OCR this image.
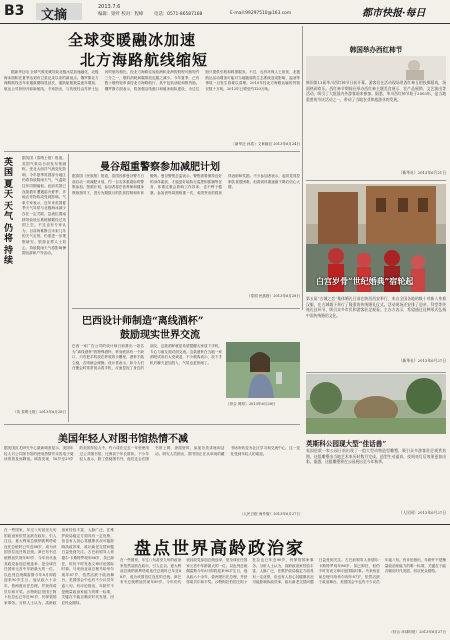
B3 文摘
2013.7.6
编辑：梁叶 校对：程峰 电话：0571-86587168	E-mail:99297510@163.com	都市快报·每日
全球变暖融冰加速
北方海路航线缩短
据新华社电 全球气候变暖导致北极冰层加速融化，北极海冰面积在夏季达到有卫星记录以来的最低点。俄罗斯北方海路航线近年来通航期明显延长，通航船舶数量逐年增加，航运公司纷纷开辟新航线。专家指出，与传统经由苏伊士运河的航线相比，经北方海路往返欧洲和亚洲的航程可缩短约三分之一，燃料消耗和碳排放也随之减少。今年夏季，已有数十艘货轮申请经北方海路航行，其中包括油轮和散货船。俄罗斯方面表示，将加强沿线港口和破冰船队建设，为过往船只提供引航和救援服务。不过，也有环保人士担忧，北极航运活动增加可能对当地脆弱的生态系统造成影响，溢油等事故一旦发生将难以清理。2010年经北方海路运输的货物仅数十万吨，2012年已增至约120万吨。
（新华社 孙浩）文章摘自 2013年6月24日
韩国举办西红柿节
韩国第11届华川西红柿节日前开幕。游客们在活动现场用西红柿互相投掷嬉戏，场面热闹欢乐。西红柿节期间还举办西红柿主题美食展示、农产品展销、文艺演出等活动，吸引了大批国内外游客前来参加。据悉，华川西红柿节始于2003年，是当地重要的节庆活动之一，带动了当地农业和旅游业的发展。
（新华社）2013年6月21日
英国
夏天
天气
仍将
持续
据英国《泰晤士报》报道，英国气象局日前发布预测称，受北大西洋气流变化影响，今年夏季英国部分地区仍将持续阴雨天气，气温较往年同期偏低。此前英国已连续数年遭遇湿冷夏季，多地农作物收成受到影响。气象专家表示，近年来英国夏季天气异常与北极海冰减少存在一定关联，急流位置南移导致低压系统频繁经过英国上空。不过也有专家认为，目前尚难断言未来几年的天气走势，仍需进一步观察研究。旅游业界人士担心，持续阴雨天气将影响暑期出游和户外活动。
（英 泰晤士报）2013年6月28日
曼谷超重警察参加减肥计划
据泰国《民族报》报道，泰国首都曼谷警方日前启动一项减肥计划，约一百名体重超标的警察参加。按照计划，参加者将在营养师和健身教练指导下，进行为期数月的饮食控制和体育锻炼。曼谷警察总监表示，警察需要保持良好的身体素质，才能更好地执行巡逻和抓捕等任务，体重过重会影响工作效率，也不利于健康。参加者每周需称重一次，成绩突出的将获得表彰和奖励。不少参加者表示，起初觉得控制饮食很困难，但看到体重逐渐下降后信心大增。
（泰国 民族报）2013年6月28日
巴西设计师制造“离线酒杯”
鼓励现实世界交流
巴西一家广告公司的设计师日前推出一款名为“离线酒杯”的特殊酒杯，杯身底部有一个缺口，只有把手机放在杯底的卡槽里，酒杯才能立稳，否则就会倾倒。设计者表示，如今人们在聚会时常常低头看手机，反而忽视了身边的朋友，这款酒杯就是希望提醒大家放下手机，专心与朋友面对面交流。这款酒杯在当地一家酒吧试用后大受欢迎，不少顾客表示，放下手机后聊天更加投入，气氛也更热闹了。
（综合 网易）2013年6月28日
白宫岁骨“世纪婚典”宿轮起
第五届“古城之恋”集体婚礼日前在陕西西安举行，来自全国各地的数十对新人身着汉服，在古城墙下举行了隆重的传统婚礼仪式。活动现场还安排了迎亲、拜堂等传统礼仪环节，吸引众多市民和游客驻足观看。主办方表示，希望通过这种形式弘扬中国传统婚俗文化。
（新华社）2013年6月27日
英斯科公园现大型“佳话兽”
英国伦敦一家公园日前出现了一组大型动物造型雕塑，吸引众多游客驻足观赏拍照。这组雕塑由当地艺术家历时数月完成，造型生动逼真，夜间亮灯后效果更加出彩。据悉，这组雕塑将在公园展出至今年秋季。
（人民网）2013年6月27日
美国年轻人对图书馆热情不减
据美国皮尤研究中心最新调查显示，美国年轻人对公共图书馆的使用热情并未因电子阅读的普及而降低。调查发现，16岁至29岁的美国年轻人中，约六成在过去一年里使用过公共图书馆，比例高于年长群体。不少年轻人表示，除了借阅图书外，他们还会在图书馆上网、查阅资料、参加各类讲座和活动。研究人员指出，图书馆正在从单纯的藏书场所转变为社区学习和交流中心，这一变化受到年轻人的欢迎。
（人民日报 海外版）2013年6月27日
盘点世界高龄政治家
在一些国家，年过八旬甚至九旬的政治家依然活跃在政坛，引人注目。意大利前总统纳波利塔诺连任总统时已年近88岁，成为该国首位连任的总统。津巴布韦总统穆加贝现年89岁，今年仍代表其政党参加总统选举，是全球在任国家元首中年龄最大的一位。以色列总统佩雷斯今年8月即将迎来90岁生日，他从政六十余年，曾两度出任总理，并获得诺贝尔和平奖。沙特阿拉伯国王阿卜杜拉也已年近90岁，仍掌管国家事务。分析人士认为，高龄政治家经验丰富、人脉广泛，在维护政局稳定方面具有一定优势，但也有人担心其健康状况可能影响执政效率，政坛新老交替问题日益受到关注。古巴前领导人菲德尔·卡斯特罗现年86岁，虽已卸任，但仍不时发表文章评论国际时事。马来西亚前总理马哈蒂尔现年87岁，依然活跃于政治舞台。美国国会中也有不少议员年逾八旬。有评论指出，年龄并不是衡量政治家能力的唯一标准，关键在于能否顺应时代发展、回应民众期待。
在一些国家，年过八旬甚至九旬的政治家依然活跃在政坛，引人注目。意大利前总统纳波利塔诺连任总统时已年近88岁，成为该国首位连任的总统。津巴布韦总统穆加贝现年89岁，今年仍代表其政党参加总统选举，是全球在任国家元首中年龄最大的一位。以色列总统佩雷斯今年8月即将迎来90岁生日，他从政六十余年，曾两度出任总理，并获得诺贝尔和平奖。沙特阿拉伯国王阿卜杜拉也已年近90岁，仍掌管国家事务。分析人士认为，高龄政治家经验丰富、人脉广泛，在维护政局稳定方面具有一定优势，但也有人担心其健康状况可能影响执政效率，政坛新老交替问题日益受到关注。古巴前领导人菲德尔·卡斯特罗现年86岁，虽已卸任，但仍不时发表文章评论国际时事。马来西亚前总理马哈蒂尔现年87岁，依然活跃于政治舞台。美国国会中也有不少议员年逾八旬。有评论指出，年龄并不是衡量政治家能力的唯一标准，关键在于能否顺应时代发展、回应民众期待。
（综合 环球时报）2013年6月27日
